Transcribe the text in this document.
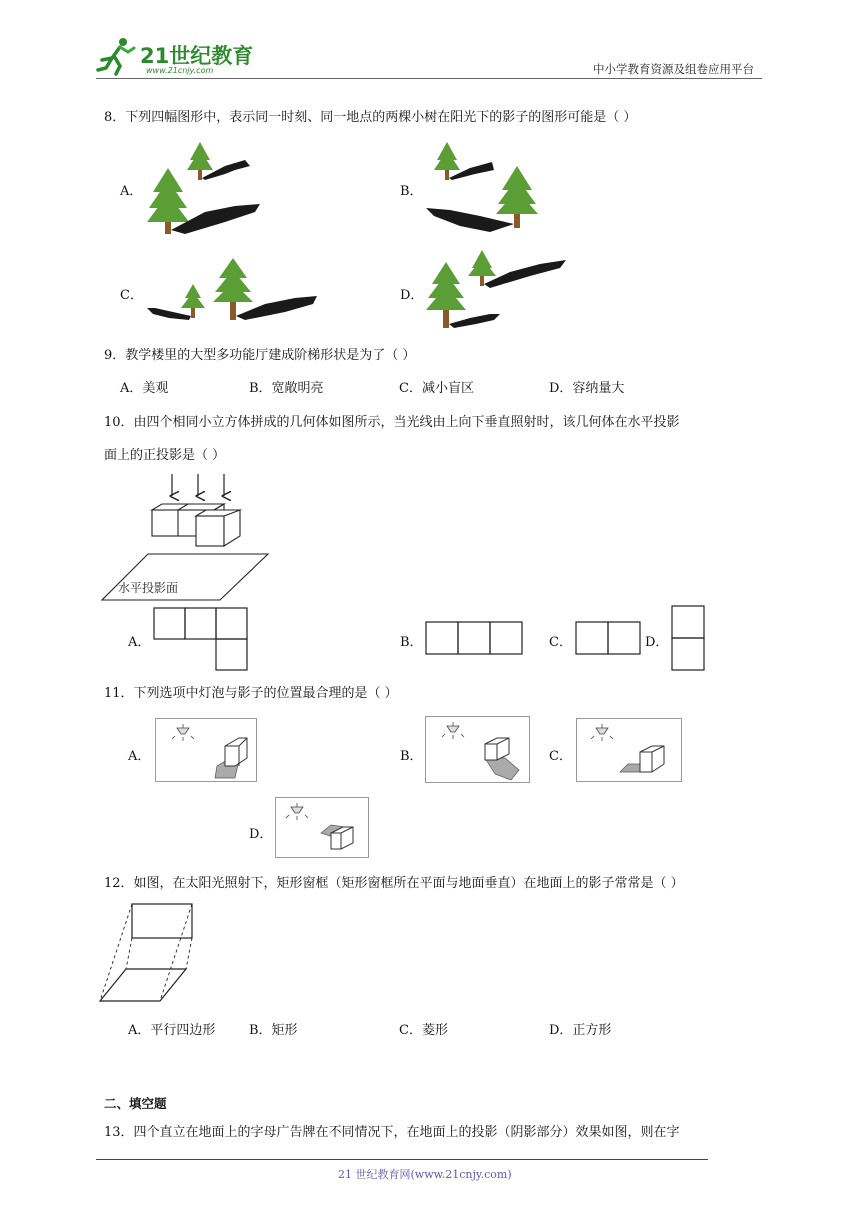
21世纪教育
www.21cnjy.com	中小学教育资源及组卷应用平台
8．下列四幅图形中，表示同一时刻、同一地点的两棵小树在阳光下的影子的图形可能是（ ）
A．	B．
C．	D．
9．教学楼里的大型多功能厅建成阶梯形状是为了（ ）
A．美观	B．宽敞明亮	C．减小盲区	D．容纳量大
10．由四个相同小立方体拼成的几何体如图所示，当光线由上向下垂直照射时，该几何体在水平投影
面上的正投影是（ ）
水平投影面
A．	B．	C．	D．
11．下列选项中灯泡与影子的位置最合理的是（ ）
A．	B．	C．
D．
12．如图，在太阳光照射下，矩形窗框（矩形窗框所在平面与地面垂直）在地面上的影子常常是（ ）
A．平行四边形	B．矩形	C．菱形	D．正方形
二、填空题
13．四个直立在地面上的字母广告牌在不同情况下，在地面上的投影（阴影部分）效果如图，则在字
21 世纪教育网(www.21cnjy.com)
